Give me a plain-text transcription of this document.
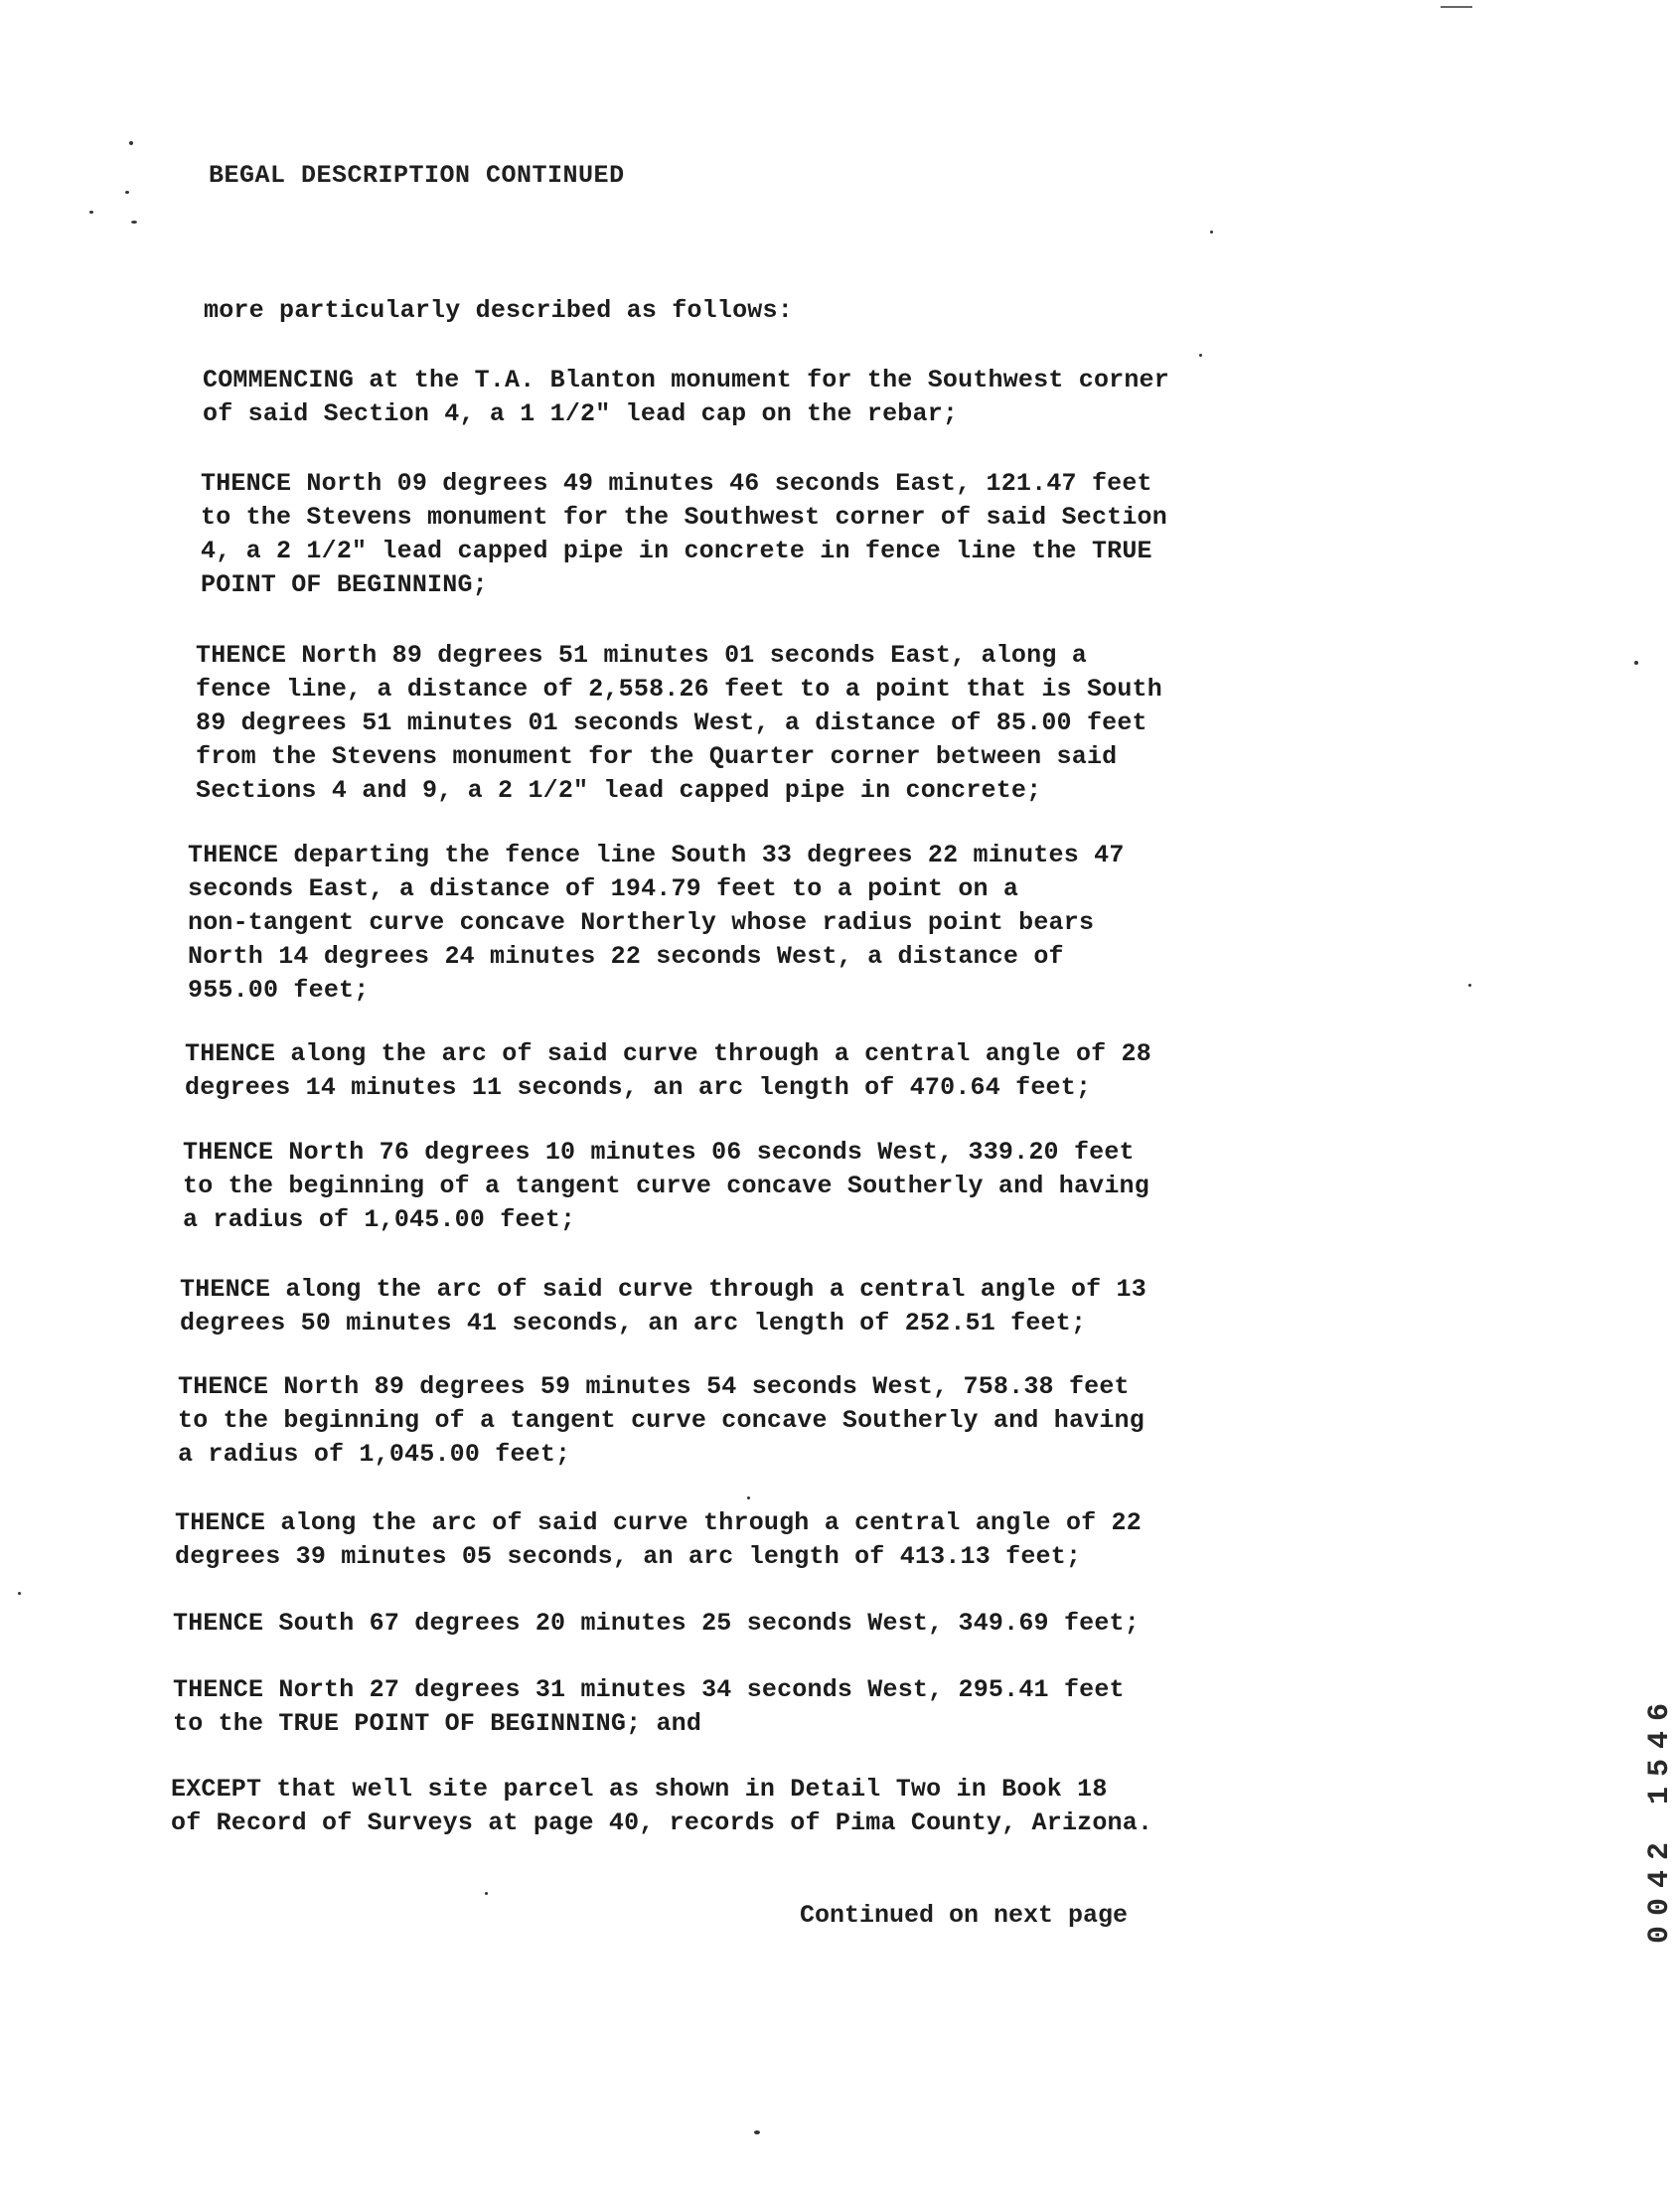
BEGAL DESCRIPTION CONTINUED
more particularly described as follows:
COMMENCING at the T.A. Blanton monument for the Southwest corner
of said Section 4, a 1 1/2" lead cap on the rebar;
THENCE North 09 degrees 49 minutes 46 seconds East, 121.47 feet
to the Stevens monument for the Southwest corner of said Section
4, a 2 1/2" lead capped pipe in concrete in fence line the TRUE
POINT OF BEGINNING;
THENCE North 89 degrees 51 minutes 01 seconds East, along a
fence line, a distance of 2,558.26 feet to a point that is South
89 degrees 51 minutes 01 seconds West, a distance of 85.00 feet
from the Stevens monument for the Quarter corner between said
Sections 4 and 9, a 2 1/2" lead capped pipe in concrete;
THENCE departing the fence line South 33 degrees 22 minutes 47
seconds East, a distance of 194.79 feet to a point on a
non-tangent curve concave Northerly whose radius point bears
North 14 degrees 24 minutes 22 seconds West, a distance of
955.00 feet;
THENCE along the arc of said curve through a central angle of 28
degrees 14 minutes 11 seconds, an arc length of 470.64 feet;
THENCE North 76 degrees 10 minutes 06 seconds West, 339.20 feet
to the beginning of a tangent curve concave Southerly and having
a radius of 1,045.00 feet;
THENCE along the arc of said curve through a central angle of 13
degrees 50 minutes 41 seconds, an arc length of 252.51 feet;
THENCE North 89 degrees 59 minutes 54 seconds West, 758.38 feet
to the beginning of a tangent curve concave Southerly and having
a radius of 1,045.00 feet;
THENCE along the arc of said curve through a central angle of 22
degrees 39 minutes 05 seconds, an arc length of 413.13 feet;
THENCE South 67 degrees 20 minutes 25 seconds West, 349.69 feet;
THENCE North 27 degrees 31 minutes 34 seconds West, 295.41 feet
to the TRUE POINT OF BEGINNING; and
EXCEPT that well site parcel as shown in Detail Two in Book 18
of Record of Surveys at page 40, records of Pima County, Arizona.
Continued on next page	0042 1546
